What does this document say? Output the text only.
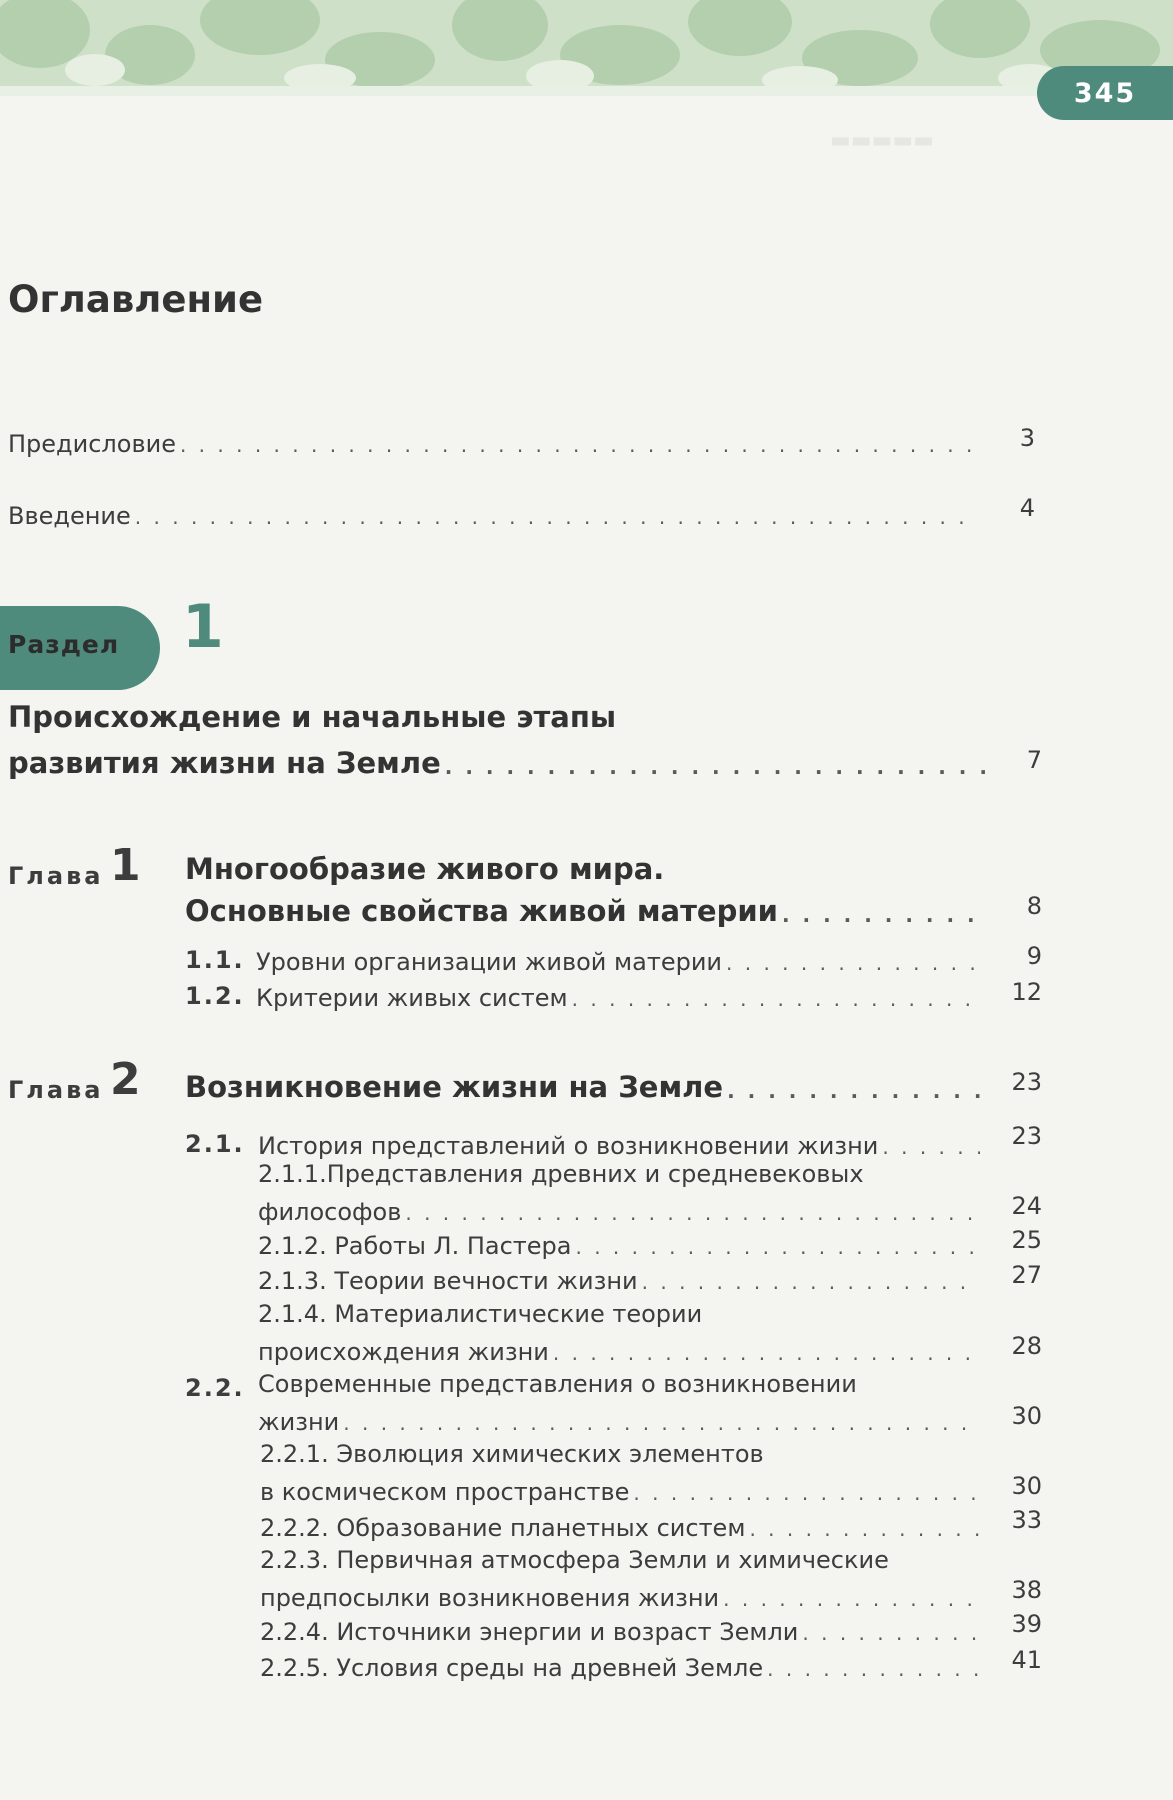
345
▬▬▬▬▬
Оглавление
Предисловие . . .	3
Введение . . .	4
Раздел 1
Происхождение и начальные этапы
развития жизни на Земле . . .	7
Глава 1 Многообразие живого мира.
Основные свойства живой материи . . .	8
1.1. Уровни организации живой материи . . .	9
1.2. Критерии живых систем . . .	12
Глава 2 Возникновение жизни на Земле . . .	23
2.1. История представлений о возникновении жизни . . .	23
2.1.1.Представления древних и средневековых
философов . . .	24
2.1.2. Работы Л. Пастера . . .	25
2.1.3. Теории вечности жизни . . .	27
2.1.4. Материалистические теории
происхождения жизни . . .	28
2.2. Современные представления о возникновении
жизни . . .	30
2.2.1. Эволюция химических элементов
в космическом пространстве . . .	30
2.2.2. Образование планетных систем . . .	33
2.2.3. Первичная атмосфера Земли и химические
предпосылки возникновения жизни . . .	38
2.2.4. Источники энергии и возраст Земли . . .	39
2.2.5. Условия среды на древней Земле . . .	41
